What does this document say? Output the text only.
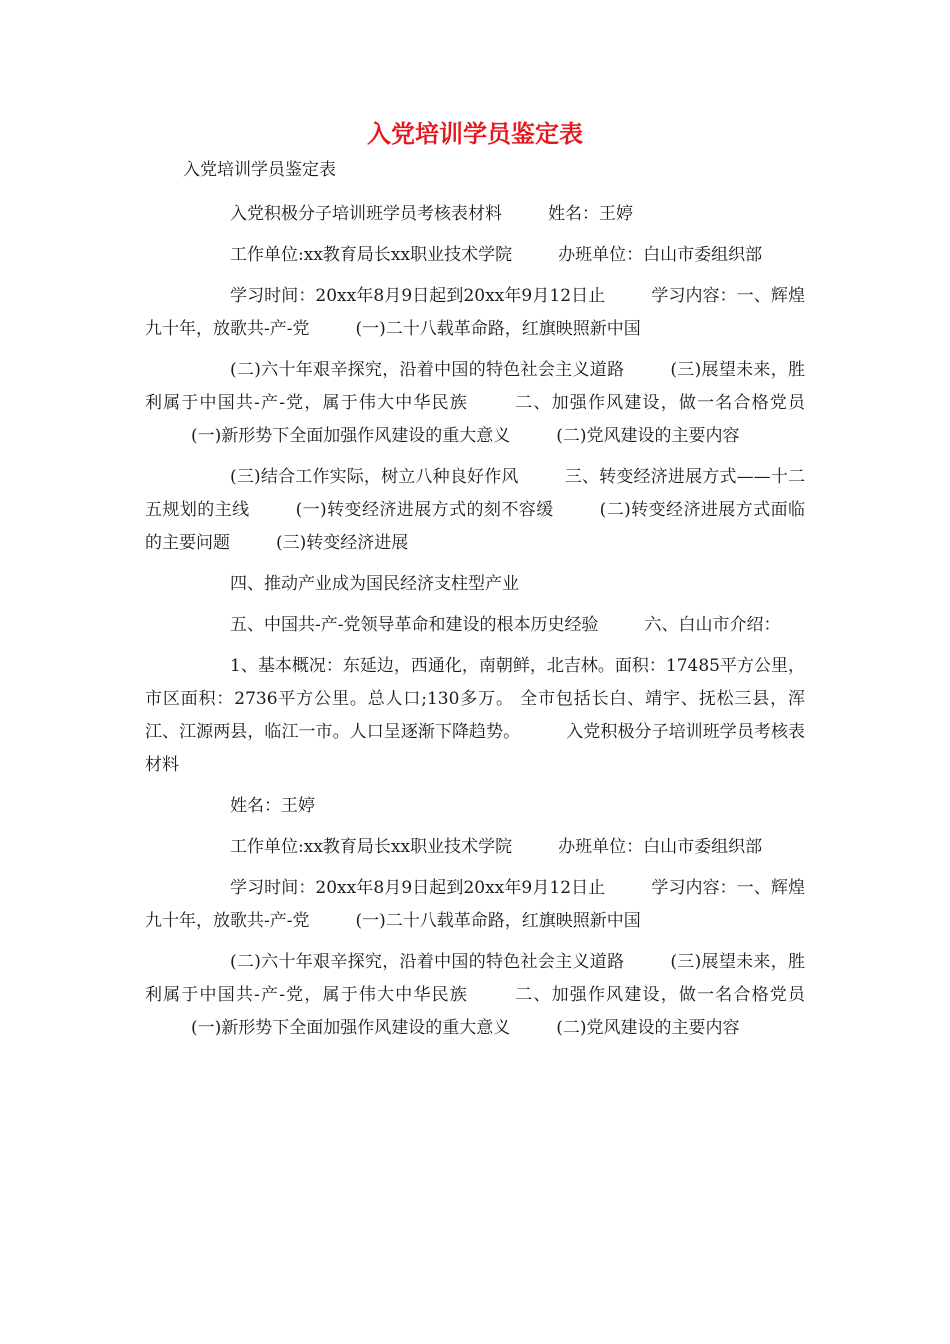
入党培训学员鉴定表
入党培训学员鉴定表

入党积极分子培训班学员考核表材料	姓名：王婷

工作单位:xx教育局长xx职业技术学院	办班单位：白山市委组织部

学习时间：20xx年8月9日起到20xx年9月12日止	学习内容：一、辉煌九十年，放歌共-产-党	(一)二十八载革命路，红旗映照新中国

(二)六十年艰辛探究，沿着中国的特色社会主义道路	(三)展望未来，胜利属于中国共-产-党，属于伟大中华民族	二、加强作风建设，做一名合格党员(一)新形势下全面加强作风建设的重大意义	(二)党风建设的主要内容

(三)结合工作实际，树立八种良好作风	三、转变经济进展方式——十二五规划的主线	(一)转变经济进展方式的刻不容缓	(二)转变经济进展方式面临的主要问题	(三)转变经济进展

四、推动产业成为国民经济支柱型产业

五、中国共-产-党领导革命和建设的根本历史经验	六、白山市介绍：

1、基本概况：东延边，西通化，南朝鲜，北吉林。面积：17485平方公里，市区面积：2736平方公里。总人口;130多万。 全市包括长白、靖宇、抚松三县，浑江、江源两县，临江一市。人口呈逐渐下降趋势。	入党积极分子培训班学员考核表材料

姓名：王婷

工作单位:xx教育局长xx职业技术学院	办班单位：白山市委组织部

学习时间：20xx年8月9日起到20xx年9月12日止	学习内容：一、辉煌九十年，放歌共-产-党	(一)二十八载革命路，红旗映照新中国

(二)六十年艰辛探究，沿着中国的特色社会主义道路	(三)展望未来，胜利属于中国共-产-党，属于伟大中华民族	二、加强作风建设，做一名合格党员(一)新形势下全面加强作风建设的重大意义	(二)党风建设的主要内容
